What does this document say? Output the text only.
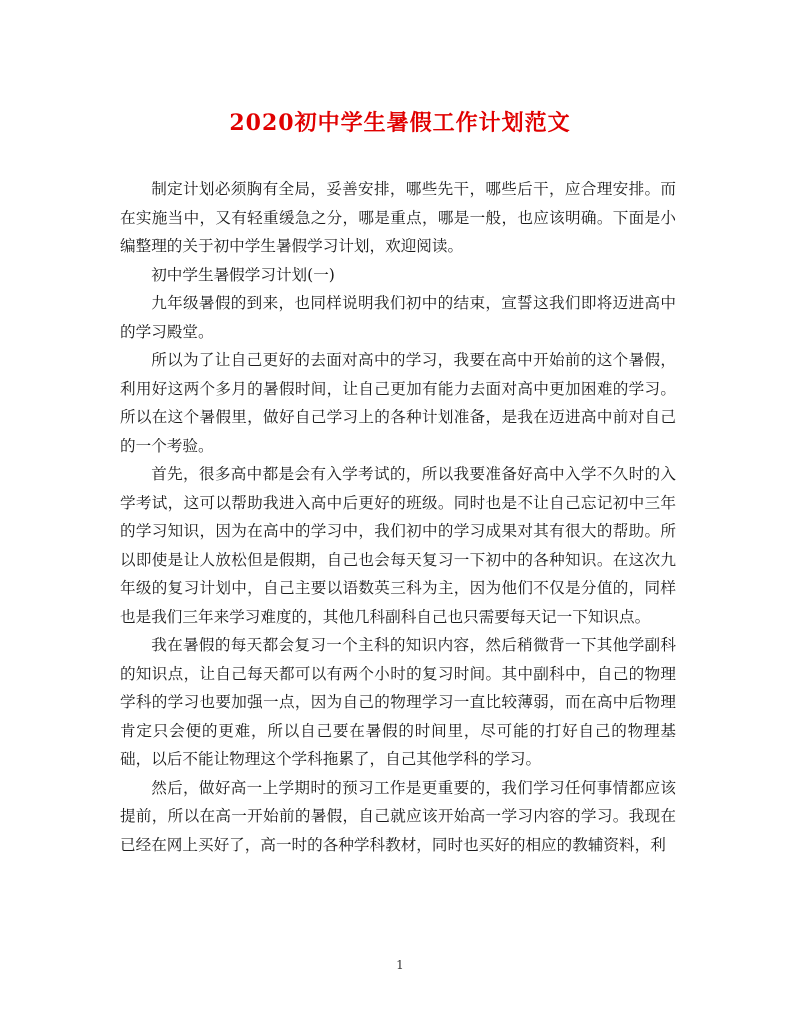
2020初中学生暑假工作计划范文

制定计划必须胸有全局，妥善安排，哪些先干，哪些后干，应合理安排。而在实施当中，又有轻重缓急之分，哪是重点，哪是一般，也应该明确。下面是小编整理的关于初中学生暑假学习计划，欢迎阅读。

初中学生暑假学习计划(一)

九年级暑假的到来，也同样说明我们初中的结束，宣誓这我们即将迈进高中的学习殿堂。

所以为了让自己更好的去面对高中的学习，我要在高中开始前的这个暑假，利用好这两个多月的暑假时间，让自己更加有能力去面对高中更加困难的学习。所以在这个暑假里，做好自己学习上的各种计划准备，是我在迈进高中前对自己的一个考验。

首先，很多高中都是会有入学考试的，所以我要准备好高中入学不久时的入学考试，这可以帮助我进入高中后更好的班级。同时也是不让自己忘记初中三年的学习知识，因为在高中的学习中，我们初中的学习成果对其有很大的帮助。所以即使是让人放松但是假期，自己也会每天复习一下初中的各种知识。在这次九年级的复习计划中，自己主要以语数英三科为主，因为他们不仅是分值的，同样也是我们三年来学习难度的，其他几科副科自己也只需要每天记一下知识点。

我在暑假的每天都会复习一个主科的知识内容，然后稍微背一下其他学副科的知识点，让自己每天都可以有两个小时的复习时间。其中副科中，自己的物理学科的学习也要加强一点，因为自己的物理学习一直比较薄弱，而在高中后物理肯定只会便的更难，所以自己要在暑假的时间里，尽可能的打好自己的物理基础，以后不能让物理这个学科拖累了，自己其他学科的学习。

然后，做好高一上学期时的预习工作是更重要的，我们学习任何事情都应该提前，所以在高一开始前的暑假，自己就应该开始高一学习内容的学习。我现在已经在网上买好了，高一时的各种学科教材，同时也买好的相应的教辅资料，利

1
